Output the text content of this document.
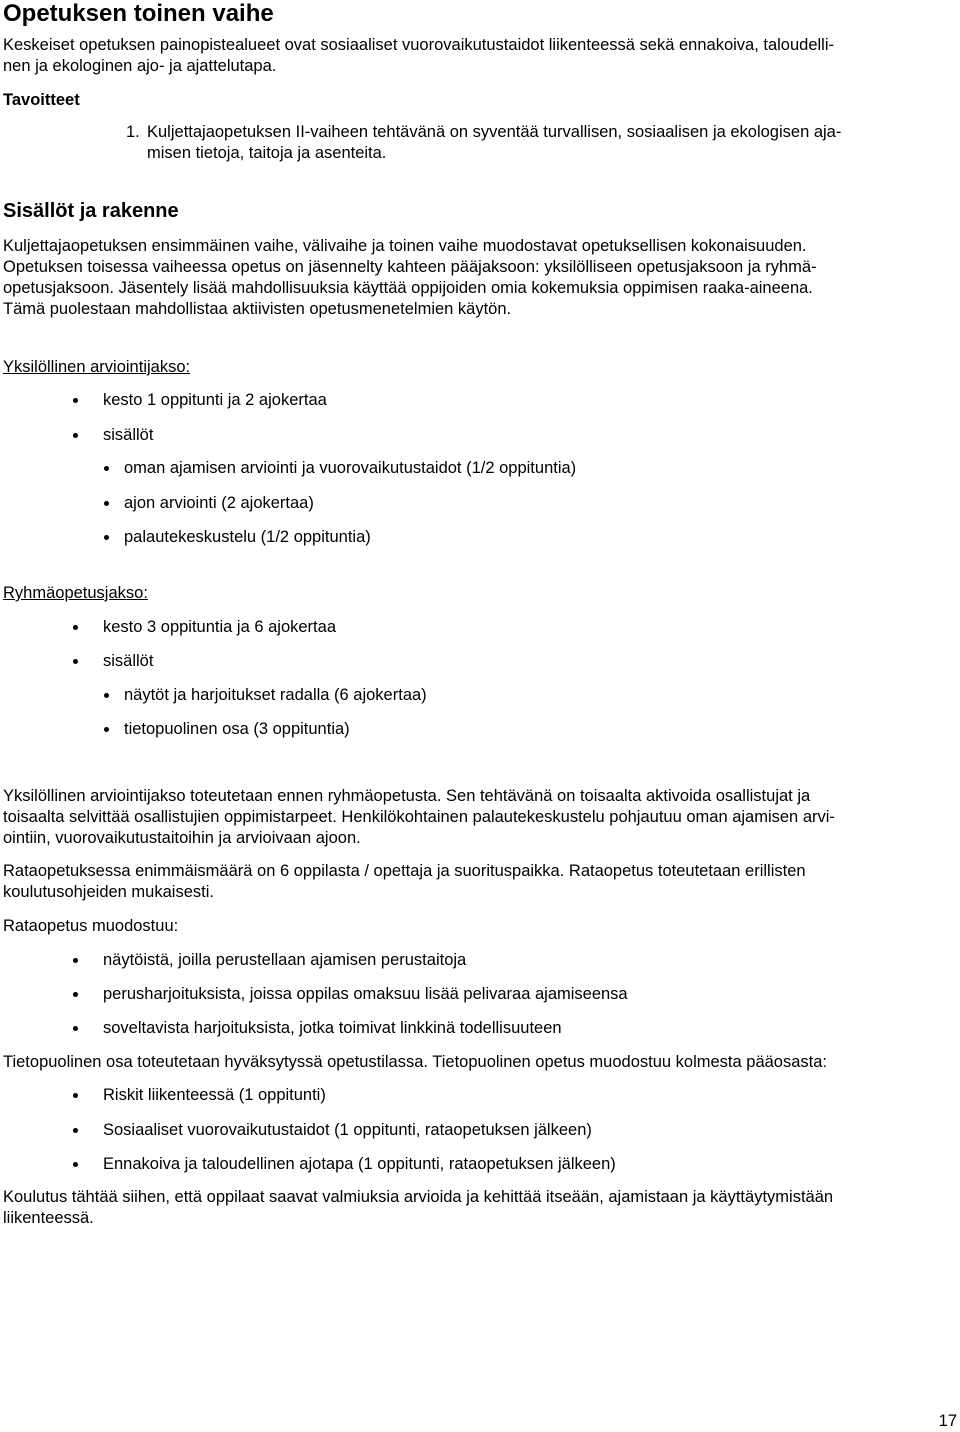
Opetuksen toinen vaihe
Keskeiset opetuksen painopistealueet ovat sosiaaliset vuorovaikutustaidot liikenteessä sekä ennakoiva, taloudelli-
nen ja ekologinen ajo- ja ajattelutapa.
Tavoitteet
1. Kuljettajaopetuksen II-vaiheen tehtävänä on syventää turvallisen, sosiaalisen ja ekologisen aja-
misen tietoja, taitoja ja asenteita.
Sisällöt ja rakenne
Kuljettajaopetuksen ensimmäinen vaihe, välivaihe ja toinen vaihe muodostavat opetuksellisen kokonaisuuden.
Opetuksen toisessa vaiheessa opetus on jäsennelty kahteen pääjaksoon: yksilölliseen opetusjaksoon ja ryhmä-
opetusjaksoon. Jäsentely lisää mahdollisuuksia käyttää oppijoiden omia kokemuksia oppimisen raaka-aineena.
Tämä puolestaan mahdollistaa aktiivisten opetusmenetelmien käytön.
Yksilöllinen arviointijakso:
kesto 1 oppitunti ja 2 ajokertaa
sisällöt
oman ajamisen arviointi ja vuorovaikutustaidot (1/2 oppituntia)
ajon arviointi (2 ajokertaa)
palautekeskustelu (1/2 oppituntia)
Ryhmäopetusjakso:
kesto 3 oppituntia ja 6 ajokertaa
sisällöt
näytöt ja harjoitukset radalla (6 ajokertaa)
tietopuolinen osa (3 oppituntia)
Yksilöllinen arviointijakso toteutetaan ennen ryhmäopetusta. Sen tehtävänä on toisaalta aktivoida osallistujat ja
toisaalta selvittää osallistujien oppimistarpeet. Henkilökohtainen palautekeskustelu pohjautuu oman ajamisen arvi-
ointiin, vuorovaikutustaitoihin ja arvioivaan ajoon.
Rataopetuksessa enimmäismäärä on 6 oppilasta / opettaja ja suorituspaikka. Rataopetus toteutetaan erillisten
koulutusohjeiden mukaisesti.
Rataopetus muodostuu:
näytöistä, joilla perustellaan ajamisen perustaitoja
perusharjoituksista, joissa oppilas omaksuu lisää pelivaraa ajamiseensa
soveltavista harjoituksista, jotka toimivat linkkinä todellisuuteen
Tietopuolinen osa toteutetaan hyväksytyssä opetustilassa. Tietopuolinen opetus muodostuu kolmesta pääosasta:
Riskit liikenteessä (1 oppitunti)
Sosiaaliset vuorovaikutustaidot (1 oppitunti, rataopetuksen jälkeen)
Ennakoiva ja taloudellinen ajotapa (1 oppitunti, rataopetuksen jälkeen)
Koulutus tähtää siihen, että oppilaat saavat valmiuksia arvioida ja kehittää itseään, ajamistaan ja käyttäytymistään
liikenteessä.
17
